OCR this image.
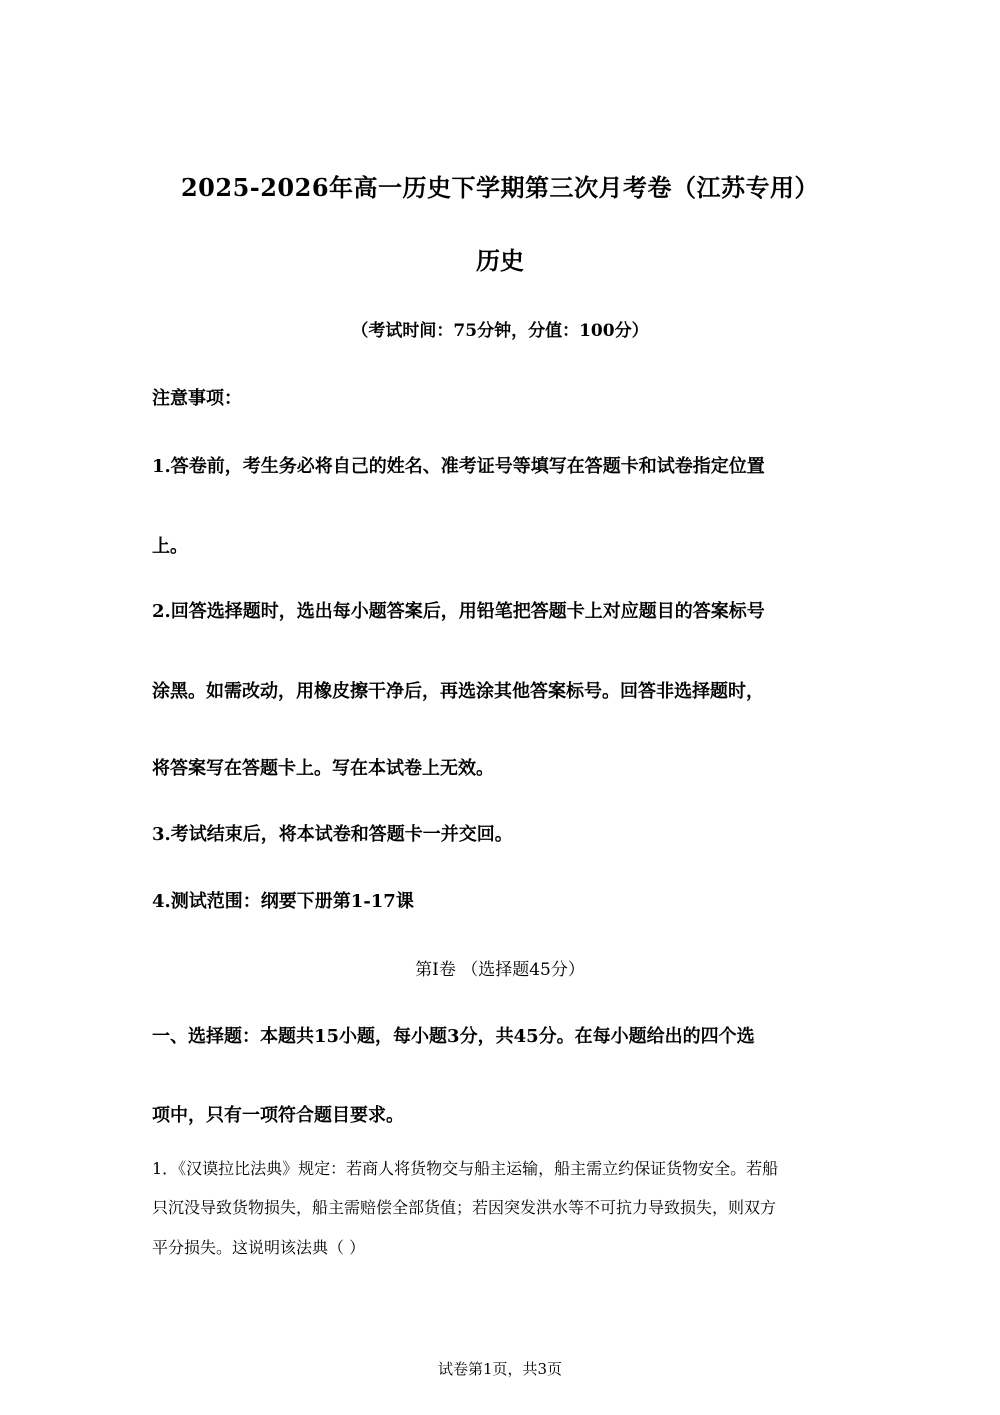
2025-2026年高一历史下学期第三次月考卷（江苏专用）
历史
（考试时间：75分钟，分值：100分）
注意事项：
1.答卷前，考生务必将自己的姓名、准考证号等填写在答题卡和试卷指定位置
上。
2.回答选择题时，选出每小题答案后，用铅笔把答题卡上对应题目的答案标号
涂黑。如需改动，用橡皮擦干净后，再选涂其他答案标号。回答非选择题时，
将答案写在答题卡上。写在本试卷上无效。
3.考试结束后，将本试卷和答题卡一并交回。
4.测试范围：纲要下册第1-17课
第Ⅰ卷 （选择题45分）
一、选择题：本题共15小题，每小题3分，共45分。在每小题给出的四个选
项中，只有一项符合题目要求。
1．《汉谟拉比法典》规定：若商人将货物交与船主运输，船主需立约保证货物安全。若船
只沉没导致货物损失，船主需赔偿全部货值；若因突发洪水等不可抗力导致损失，则双方
平分损失。这说明该法典（ ）
试卷第1页，共3页
